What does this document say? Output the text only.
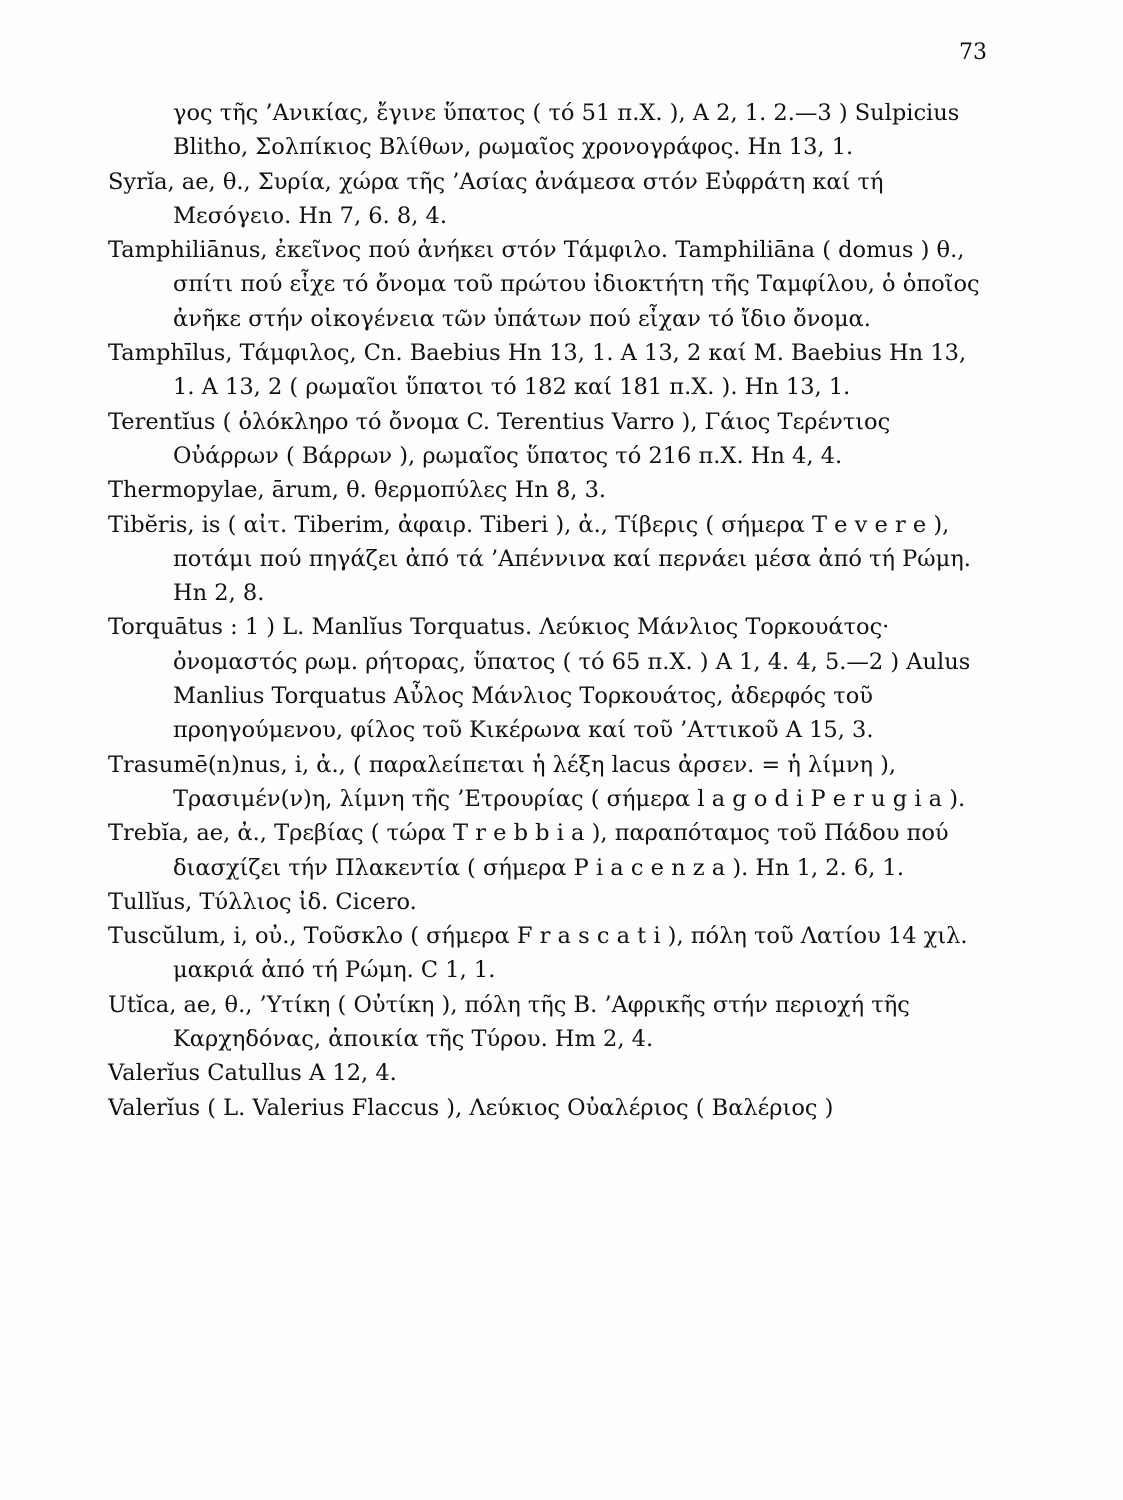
73

γος τῆς ’Ανικίας, ἔγινε ὕπατος ( τό 51 π.Χ. ), Α 2, 1. 2.—3 ) Sulpicius Blitho, Σολπίκιος Βλίθων, ρωμαῖος χρονογράφος. Hn 13, 1.

Syrĭa, ae, θ., Συρία, χώρα τῆς ’Ασίας ἀνάμεσα στόν Εὐφράτη καί τή Μεσόγειο. Hn 7, 6. 8, 4.

Tamphiliānus, ἐκεῖνος πού ἀνήκει στόν Τάμφιλο. Tamphiliāna ( domus ) θ., σπίτι πού εἶχε τό ὄνομα τοῦ πρώτου ἰδιοκτήτη τῆς Ταμφίλου, ὁ ὁποῖος ἀνῆκε στήν οἰκογένεια τῶν ὑπάτων πού εἶχαν τό ἴδιο ὄνομα.

Tamphīlus, Τάμφιλος, Cn. Baebius Hn 13, 1. A 13, 2 καί M. Baebius Hn 13, 1. A 13, 2 ( ρωμαῖοι ὕπατοι τό 182 καί 181 π.Χ. ). Hn 13, 1.

Terentĭus ( ὁλόκληρο τό ὄνομα C. Terentius Varro ), Γάιος Τερέντιος Οὐάρρων ( Βάρρων ), ρωμαῖος ὕπατος τό 216 π.Χ. Hn 4, 4.

Thermopylae, ārum, θ. θερμοπύλες Hn 8, 3.

Tibĕris, is ( αἰτ. Tiberim, ἀφαιρ. Tiberi ), ἀ., Τίβερις ( σήμερα T e v e r e ), ποτάμι πού πηγάζει ἀπό τά ’Απέννινα καί περνάει μέσα ἀπό τή Ρώμη. Hn 2, 8.

Torquātus : 1 ) L. Manlĭus Torquatus. Λεύκιος Μάνλιος Τορκουάτος· ὀνομαστός ρωμ. ρήτορας, ὕπατος ( τό 65 π.Χ. ) Α 1, 4. 4, 5.—2 ) Aulus Manlius Torquatus Αὖλος Μάνλιος Τορκουάτος, ἀδερφός τοῦ προηγούμενου, φίλος τοῦ Κικέρωνα καί τοῦ ’Αττικοῦ Α 15, 3.

Trasumē(n)nus, i, ἀ., ( παραλείπεται ἡ λέξη lacus ἀρσεν. = ἡ λίμνη ), Τρασιμέν(ν)η, λίμνη τῆς ’Ετρουρίας ( σήμερα l a g o d i P e r u g i a ).

Trebĭa, ae, ἀ., Τρεβίας ( τώρα T r e b b i a ), παραπόταμος τοῦ Πάδου πού διασχίζει τήν Πλακεντία ( σήμερα P i a c e n z a ). Hn 1, 2. 6, 1.

Tullĭus, Τύλλιος ἰδ. Cicero.

Tuscŭlum, i, οὐ., Τοῦσκλο ( σήμερα F r a s c a t i ), πόλη τοῦ Λατίου 14 χιλ. μακριά ἀπό τή Ρώμη. C 1, 1.

Utĭca, ae, θ., ’Υτίκη ( Οὐτίκη ), πόλη τῆς Β. ’Αφρικῆς στήν περιοχή τῆς Καρχηδόνας, ἀποικία τῆς Τύρου. Hm 2, 4.

Valerĭus Catullus Α 12, 4.

Valerĭus ( L. Valerius Flaccus ), Λεύκιος Οὐαλέριος ( Βαλέριος )
